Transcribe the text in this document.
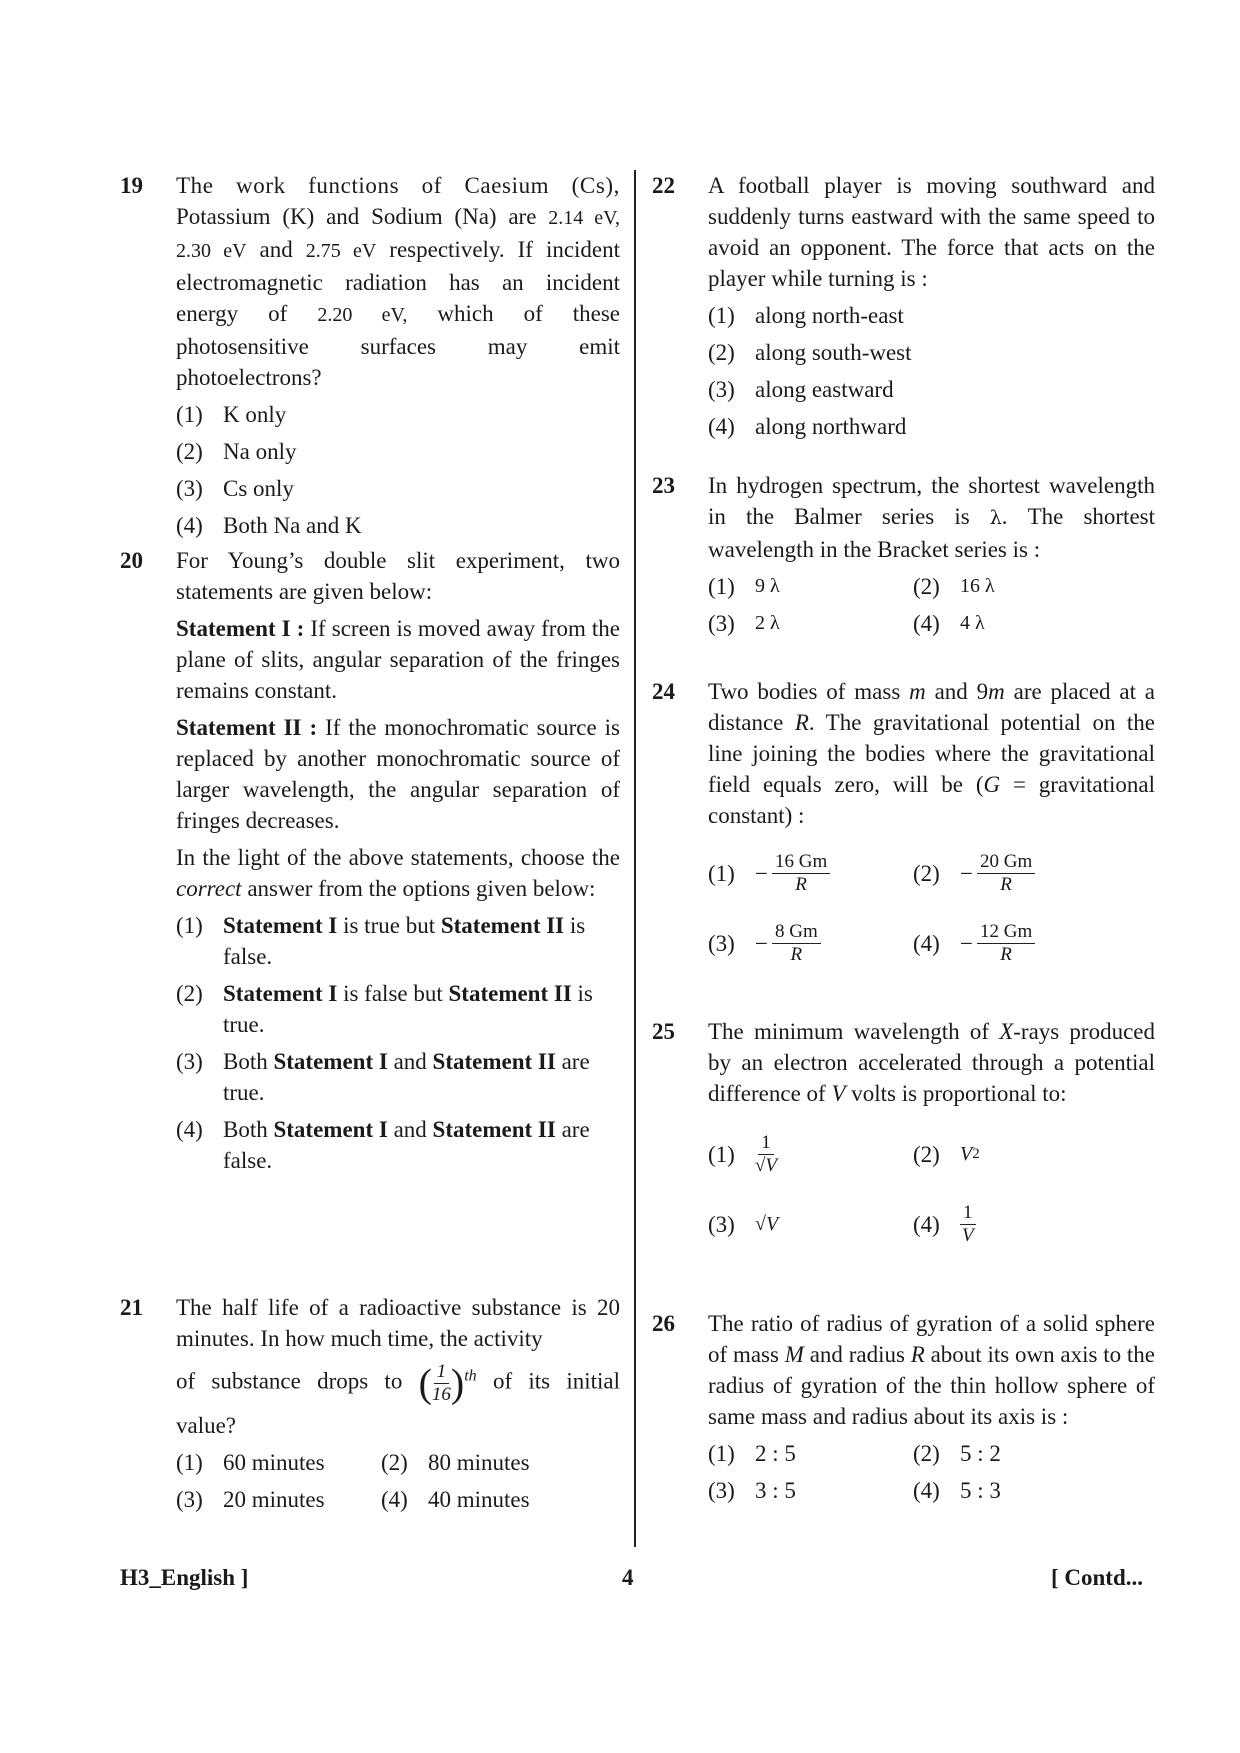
19 The work functions of Caesium (Cs),
Potassium (K) and Sodium (Na) are 2.14 eV,
2.30 eV and 2.75 eV respectively. If incident
electromagnetic radiation has an incident
energy of 2.20 eV, which of these
photosensitive surfaces may emit
photoelectrons?
(1) K only
(2) Na only
(3) Cs only
(4) Both Na and K
20 For Young’s double slit experiment, two statements are given below:

Statement I : If screen is moved away from the plane of slits, angular separation of the fringes remains constant.
Statement II : If the monochromatic source is replaced by another monochromatic source of larger wavelength, the angular separation of fringes decreases.
In the light of the above statements, choose the correct answer from the options given below:
(1) Statement I is true but Statement II is false.
(2) Statement I is false but Statement II is true.
(3) Both Statement I and Statement II are true.
(4) Both Statement I and Statement II are false.
21 The half life of a radioactive substance is 20 minutes. In how much time, the activity

of substance drops to ( $\frac{1}{16} )^{th}$ of its initial
value?
(1) 60 minutes (2) 80 minutes
(3) 20 minutes (4) 40 minutes
22 A football player is moving southward and suddenly turns eastward with the same speed to avoid an opponent. The force that acts on the player while turning is :

(1) along north-east
(2) along south-west
(3) along eastward
(4) along northward
23 In hydrogen spectrum, the shortest wavelength in the Balmer series is λ. The shortest wavelength in the Bracket series is :

(1)	9 λ	(2)	16 λ
(3)	2 λ	(4)	4 λ
24 Two bodies of mass m and 9m are placed at a distance R. The gravitational potential on the line joining the bodies where the gravitational field equals zero, will be (G = gravitational constant) :

$(1) - \frac{16 Gm}{R}$	$(2) - \frac{20 Gm}{R}$
$(3) - \frac{8 Gm}{R}$	$(4) - \frac{12 Gm}{R}$
25 The minimum wavelength of X-rays produced by an electron accelerated through a potential difference of V volts is proportional to:

(1)	$\frac{1}{√V}$	(2)	V 2
(3)	√V	(4)	$\frac{1}{V}$
26 The ratio of radius of gyration of a solid sphere of mass M and radius R about its own axis to the radius of gyration of the thin hollow sphere of same mass and radius about its axis is :

(1) 2 : 5	(2) 5 : 2
(3) 3 : 5	(4) 5 : 3
H3_English ]	4	[ Contd...
